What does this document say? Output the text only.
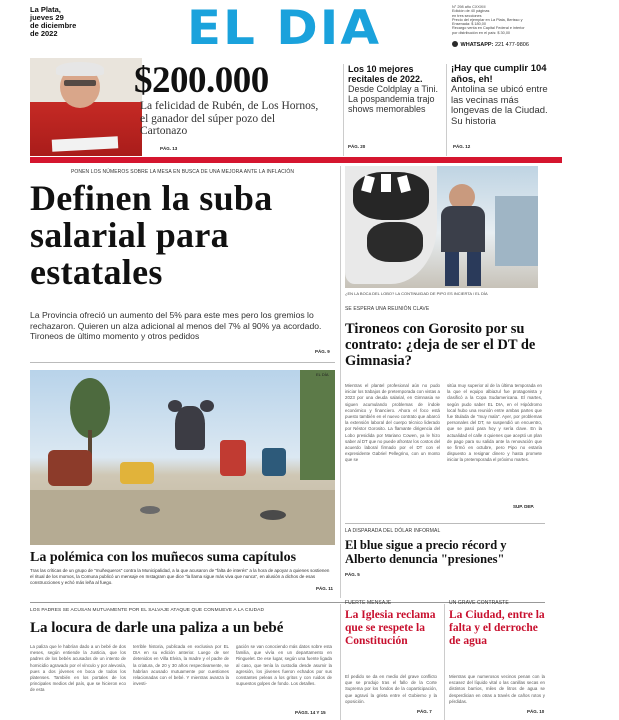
La Plata,
jueves 29
de diciembre
de 2022	EL DIA	N° 298 año CXXXIII
Edición de 40 páginas
en tres secciones
Precio del ejemplar en La Plata, Berisso y
Ensenada: $ 180,00
Recargo venta en Capital Federal e interior
por distribución en el país: $ 30,00
WHATSAPP: 221 477-9806
$200.000
La felicidad de Rubén, de Los Hornos, el ganador del súper pozo del Cartonazo
PÁG. 13
Los 10 mejores recitales de 2022. Desde Coldplay a Tini. La pospandemia trajo shows memorables
PÁG. 20
¡Hay que cumplir 104 años, eh!
Antolina se ubicó entre las vecinas más longevas de la Ciudad. Su historia
PÁG. 12
PONEN LOS NÚMEROS SOBRE LA MESA EN BUSCA DE UNA MEJORA ANTE LA INFLACIÓN
Definen la suba salarial para estatales
La Provincia ofreció un aumento del 5% para este mes pero los gremios lo rechazaron. Quieren un alza adicional al menos del 7% al 90% ya acordado. Tironeos de último momento y otros pedidos
PÁG. 9
¿EN LA BOCA DEL LOBO? LA CONTINUIDAD DE PIPO ES INCIERTA / EL DÍA
SE ESPERA UNA REUNIÓN CLAVE
Tironeos con Gorosito por su contrato: ¿deja de ser el DT de Gimnasia?
Mientras el plantel profesional aún no pudo iniciar los trabajos de pretemporada con vistas a 2023 por una deuda salarial, en Gimnasia se siguen acumulando problemas de índole económico y financiero. Ahora el foco está puesto también en el nuevo contrato que abarcó la extensión laboral del cuerpo técnico liderado por Néstor Gorosito. La flamante dirigencia del Lobo presidida por Mariano Cowen, ya le hizo saber al DT que no puede afrontar los costos del acuerdo laboral firmado por el DT con el expresidente Gabriel Pellegrino, con un monto que se
sitúa muy superior al de la última temporada en la que el equipo albiazul fue protagonista y clasificó a la Copa Sudamericana. El martes, según pudo saber EL DIA, en el Hipódromo local hubo una reunión entre ambas partes que fue titulada de "muy mala". Ayer, por problemas personales del DT, se suspendió un encuentro, que se pasó para hoy y sería clave. En la actualidad el calle 4 quienes que aceptó un plan de pago para su salida ante la renovación que se firmó en octubre, pero Pipo no estaría dispuesto a resignar dinero y hasta promete iniciar la pretemporada el próximo martes.
SUP. DEP.
EL DÍA
La polémica con los muñecos suma capítulos
Tras las críticas de un grupo de "muñequeros" contra la Municipalidad, a la que acusaron de "falta de interés" a la hora de apoyar a quienes sostienen el ritual de los momos, la Comuna publicó un mensaje en Instagram que dice "la llama sigue más viva que nunca", en alusión a dichos de esas construcciones y echó más leña al fuego.
PÁG. 11
LA DISPARADA DEL DÓLAR INFORMAL
El blue sigue a precio récord y Alberto denuncia "presiones"
PÁG. 5
LOS PADRES SE ACUSAN MUTUAMENTE POR EL SALVAJE ATAQUE QUE CONMUEVE A LA CIUDAD
La locura de darle una paliza a un bebé
La paliza que le habrían dado a un bebé de dos meses, según entiende la Justicia, que los padres de los bebés acusados de un intento de homicidio agravado por el vínculo y por alevosía, pues a dos jóvenes en boca de todos los platenses. También en los portales de los principales medios del país, que se hicieron eco de esta
terrible historia, publicada en exclusiva por EL DIA en su edición anterior. Luego de ser detenidos en Villa Elvira, la madre y el padre de la criatura, de 20 y 30 años respectivamente, se habrían acusado mutuamente por cuestiones relacionadas con el bebé. Y mientras avanza la investi-
gación se van conociendo más datos sobre esta familia, que vivía en un departamento en Ringuelet. De ese lugar, según una fuente ligada al caso, que tenía la custodia desde asumir la agresión, los jóvenes fueron echados por sus constantes peleas a los gritos y con ruidos de supuestos golpes de fondo. Los detalles.
PÁGS. 14 Y 15
FUERTE MENSAJE
La Iglesia reclama que se respete la Constitución
El pedido se da en medio del grave conflicto que se produjo tras el fallo de la Corte Suprema por los fondos de la coparticipación, que agravó la grieta entre el Gobierno y la oposición.
PÁG. 7
UN GRAVE CONTRASTE
La Ciudad, entre la falta y el derroche de agua
Mientras que numerosos vecinos penan con la escasez del líquido vital o las canillas secas en distintos barrios, miles de litros de agua se desperdician en otras a través de caños rotos y pérdidas.
PÁG. 10
